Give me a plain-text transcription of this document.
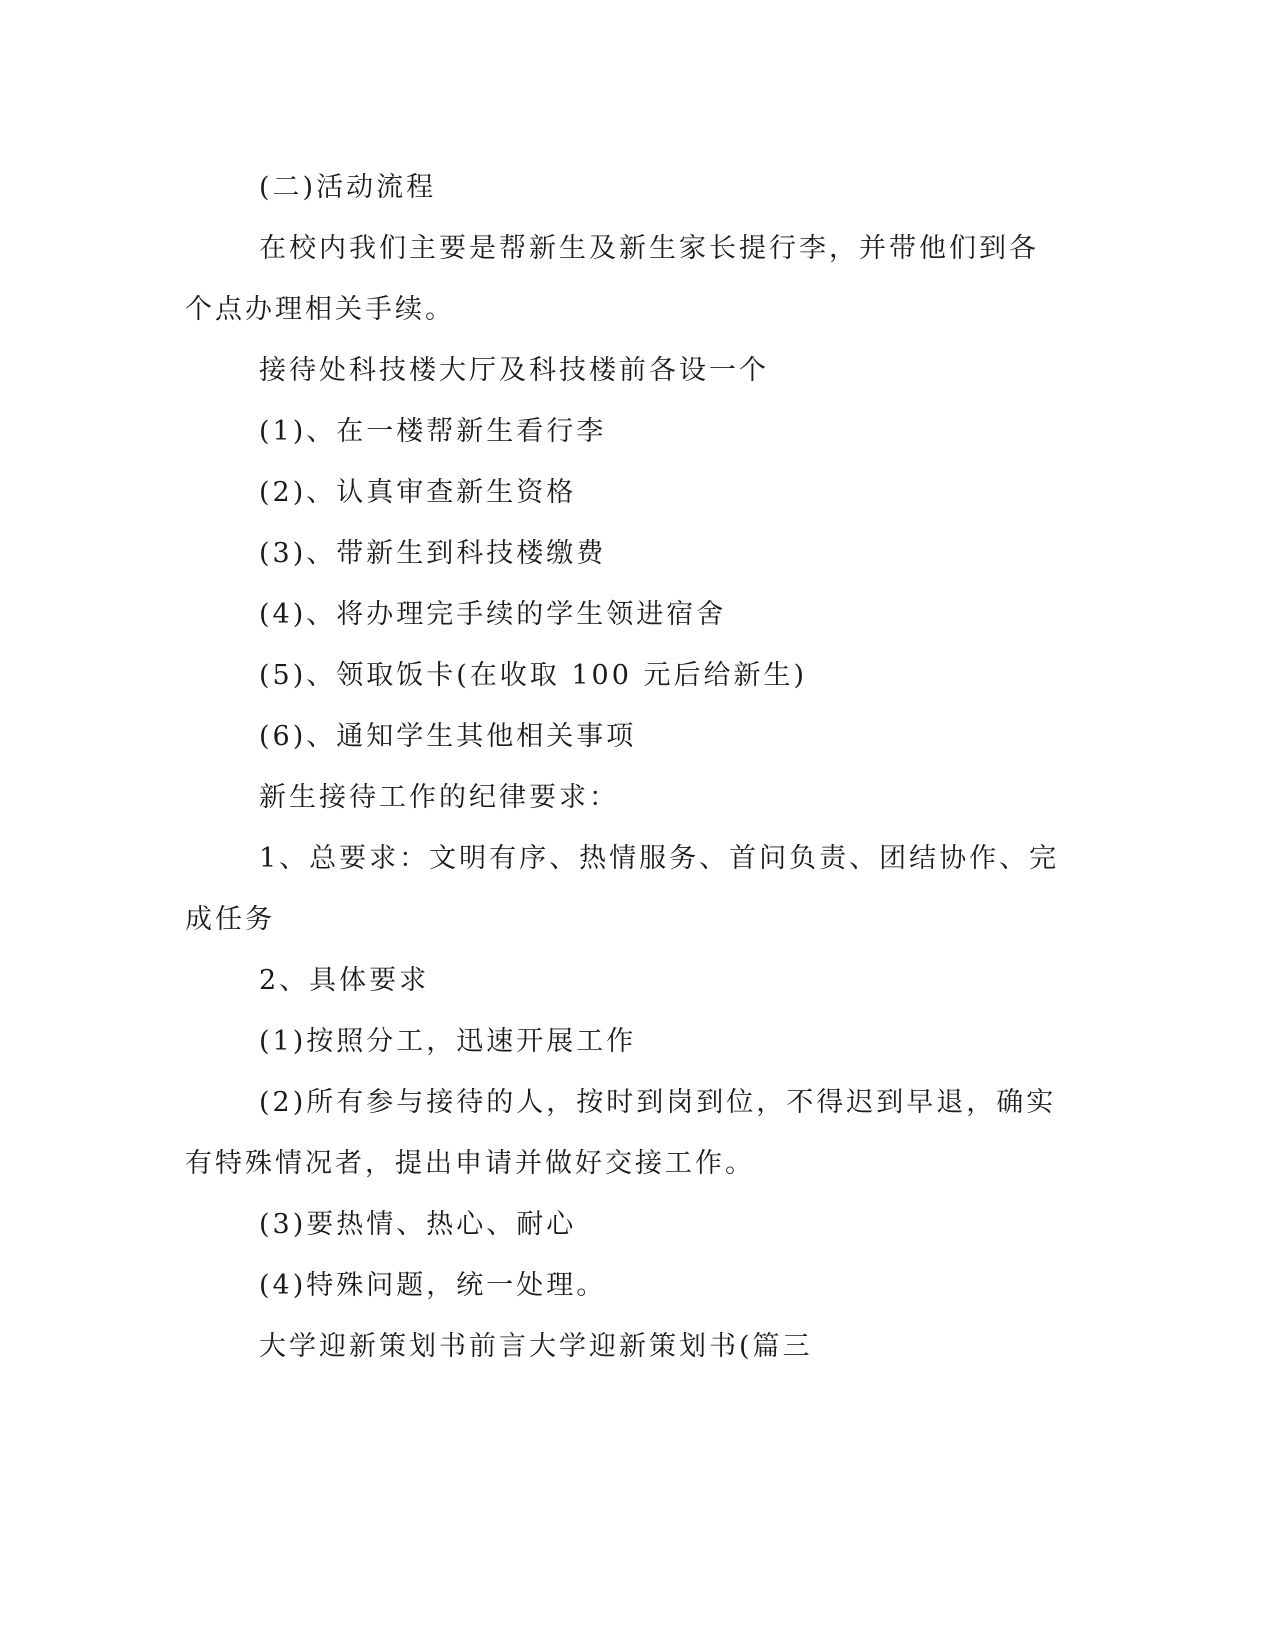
(二)活动流程

在校内我们主要是帮新生及新生家长提行李，并带他们到各个点办理相关手续。

接待处科技楼大厅及科技楼前各设一个

(1)、在一楼帮新生看行李

(2)、认真审查新生资格

(3)、带新生到科技楼缴费

(4)、将办理完手续的学生领进宿舍

(5)、领取饭卡(在收取 100 元后给新生)

(6)、通知学生其他相关事项

新生接待工作的纪律要求：

1、总要求：文明有序、热情服务、首问负责、团结协作、完成任务

2、具体要求

(1)按照分工，迅速开展工作

(2)所有参与接待的人，按时到岗到位，不得迟到早退，确实有特殊情况者，提出申请并做好交接工作。

(3)要热情、热心、耐心

(4)特殊问题，统一处理。

大学迎新策划书前言大学迎新策划书(篇三
